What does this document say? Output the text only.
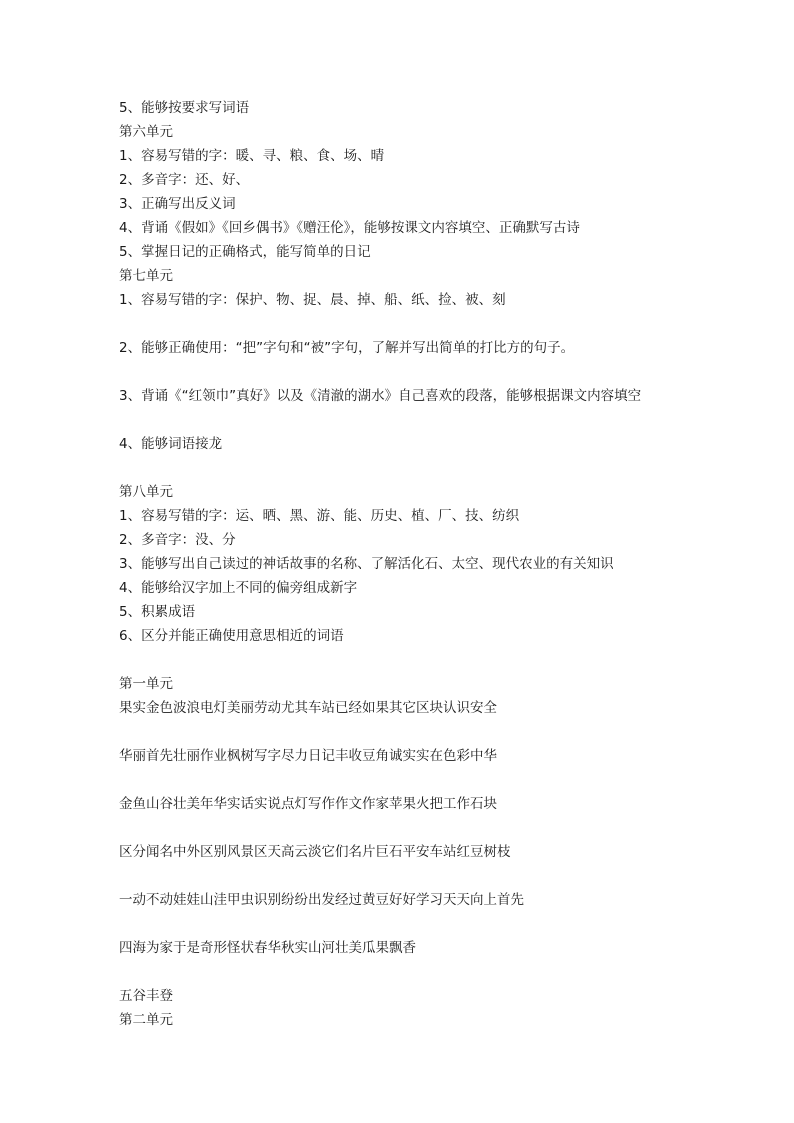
5、能够按要求写词语
第六单元
1、容易写错的字：暖、寻、粮、食、场、晴
2、多音字：还、好、
3、正确写出反义词
4、背诵《假如》《回乡偶书》《赠汪伦》，能够按课文内容填空、正确默写古诗
5、掌握日记的正确格式，能写简单的日记
第七单元
1、容易写错的字：保护、物、捉、晨、掉、船、纸、捡、被、刻
2、能够正确使用：“把”字句和“被”字句，了解并写出简单的打比方的句子。
3、背诵《“红领巾”真好》以及《清澈的湖水》自己喜欢的段落，能够根据课文内容填空
4、能够词语接龙
第八单元
1、容易写错的字：运、晒、黑、游、能、历史、植、厂、技、纺织
2、多音字：没、分
3、能够写出自己读过的神话故事的名称、了解活化石、太空、现代农业的有关知识
4、能够给汉字加上不同的偏旁组成新字
5、积累成语
6、区分并能正确使用意思相近的词语
第一单元
果实金色波浪电灯美丽劳动尤其车站已经如果其它区块认识安全
华丽首先壮丽作业枫树写字尽力日记丰收豆角诚实实在色彩中华
金鱼山谷壮美年华实话实说点灯写作作文作家苹果火把工作石块
区分闻名中外区别风景区天高云淡它们名片巨石平安车站红豆树枝
一动不动娃娃山洼甲虫识别纷纷出发经过黄豆好好学习天天向上首先
四海为家于是奇形怪状春华秋实山河壮美瓜果飘香
五谷丰登
第二单元
